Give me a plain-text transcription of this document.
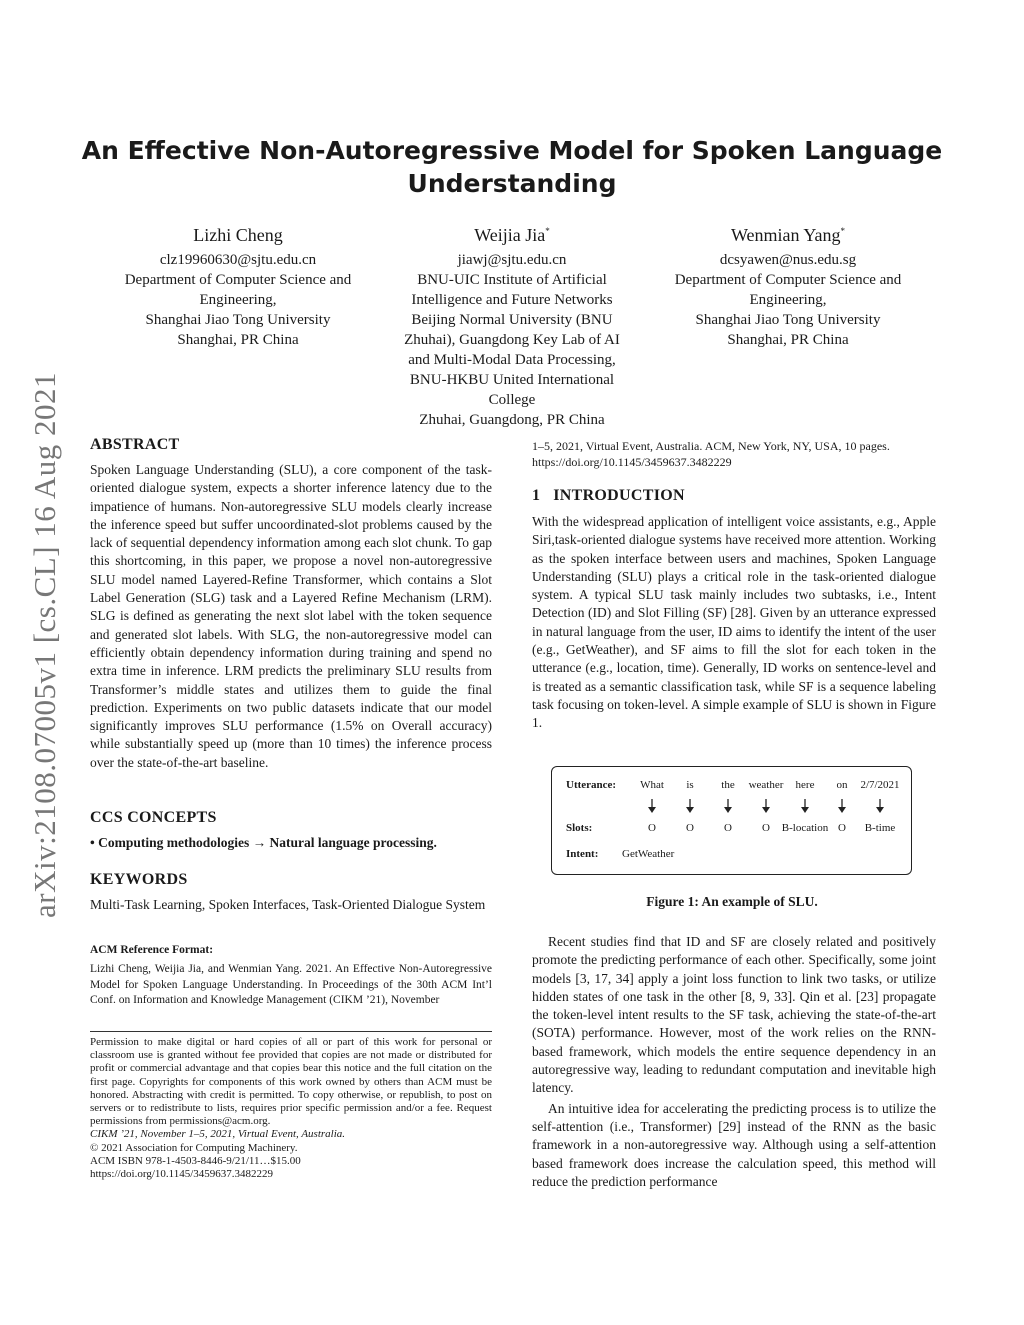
arXiv:2108.07005v1 [cs.CL] 16 Aug 2021
An Effective Non-Autoregressive Model for Spoken Language Understanding
Lizhi Cheng
clz19960630@sjtu.edu.cn
Department of Computer Science and
Engineering,
Shanghai Jiao Tong University
Shanghai, PR China
Weijia Jia*
jiawj@sjtu.edu.cn
BNU-UIC Institute of Artificial
Intelligence and Future Networks
Beijing Normal University (BNU
Zhuhai), Guangdong Key Lab of AI
and Multi-Modal Data Processing,
BNU-HKBU United International
College
Zhuhai, Guangdong, PR China
Wenmian Yang*
dcsyawen@nus.edu.sg
Department of Computer Science and
Engineering,
Shanghai Jiao Tong University
Shanghai, PR China
ABSTRACT
Spoken Language Understanding (SLU), a core component of the task-oriented dialogue system, expects a shorter inference latency due to the impatience of humans. Non-autoregressive SLU models clearly increase the inference speed but suffer uncoordinated-slot problems caused by the lack of sequential dependency information among each slot chunk. To gap this shortcoming, in this paper, we propose a novel non-autoregressive SLU model named Layered-Refine Transformer, which contains a Slot Label Generation (SLG) task and a Layered Refine Mechanism (LRM). SLG is defined as generating the next slot label with the token sequence and generated slot labels. With SLG, the non-autoregressive model can efficiently obtain dependency information during training and spend no extra time in inference. LRM predicts the preliminary SLU results from Transformer’s middle states and utilizes them to guide the final prediction. Experiments on two public datasets indicate that our model significantly improves SLU performance (1.5% on Overall accuracy) while substantially speed up (more than 10 times) the inference process over the state-of-the-art baseline.
CCS CONCEPTS
• Computing methodologies → Natural language processing.
KEYWORDS
Multi-Task Learning, Spoken Interfaces, Task-Oriented Dialogue System
ACM Reference Format:
Lizhi Cheng, Weijia Jia, and Wenmian Yang. 2021. An Effective Non-Autoregressive Model for Spoken Language Understanding. In Proceedings of the 30th ACM Int’l Conf. on Information and Knowledge Management (CIKM ’21), November

Permission to make digital or hard copies of all or part of this work for personal or classroom use is granted without fee provided that copies are not made or distributed for profit or commercial advantage and that copies bear this notice and the full citation on the first page. Copyrights for components of this work owned by others than ACM must be honored. Abstracting with credit is permitted. To copy otherwise, or republish, to post on servers or to redistribute to lists, requires prior specific permission and/or a fee. Request permissions from permissions@acm.org.

CIKM ’21, November 1–5, 2021, Virtual Event, Australia.

© 2021 Association for Computing Machinery.

ACM ISBN 978-1-4503-8446-9/21/11…$15.00

https://doi.org/10.1145/3459637.3482229

1–5, 2021, Virtual Event, Australia. ACM, New York, NY, USA, 10 pages. https://doi.org/10.1145/3459637.3482229
1 INTRODUCTION
With the widespread application of intelligent voice assistants, e.g., Apple Siri,task-oriented dialogue systems have received more attention. Working as the spoken interface between users and machines, Spoken Language Understanding (SLU) plays a critical role in the task-oriented dialogue system. A typical SLU task mainly includes two subtasks, i.e., Intent Detection (ID) and Slot Filling (SF) [28]. Given by an utterance expressed in natural language from the user, ID aims to identify the intent of the user (e.g., GetWeather), and SF aims to fill the slot for each token in the utterance (e.g., location, time). Generally, ID works on sentence-level and is treated as a semantic classification task, while SF is a sequence labeling task focusing on token-level. A simple example of SLU is shown in Figure 1.
Utterance:
Slots:
Intent: GetWeather
What
O
is
O
the
O
weather
O
here
B-location
on
O
2/7/2021
B-time
Figure 1: An example of SLU.

Recent studies find that ID and SF are closely related and positively promote the predicting performance of each other. Specifically, some joint models [3, 17, 34] apply a joint loss function to link two tasks, or utilize hidden states of one task in the other [8, 9, 33]. Qin et al. [23] propagate the token-level intent results to the SF task, achieving the state-of-the-art (SOTA) performance. However, most of the work relies on the RNN-based framework, which models the entire sequence dependency in an autoregressive way, leading to redundant computation and inevitable high latency.

An intuitive idea for accelerating the predicting process is to utilize the self-attention (i.e., Transformer) [29] instead of the RNN as the basic framework in a non-autoregressive way. Although using a self-attention based framework does increase the calculation speed, this method will reduce the prediction performance
